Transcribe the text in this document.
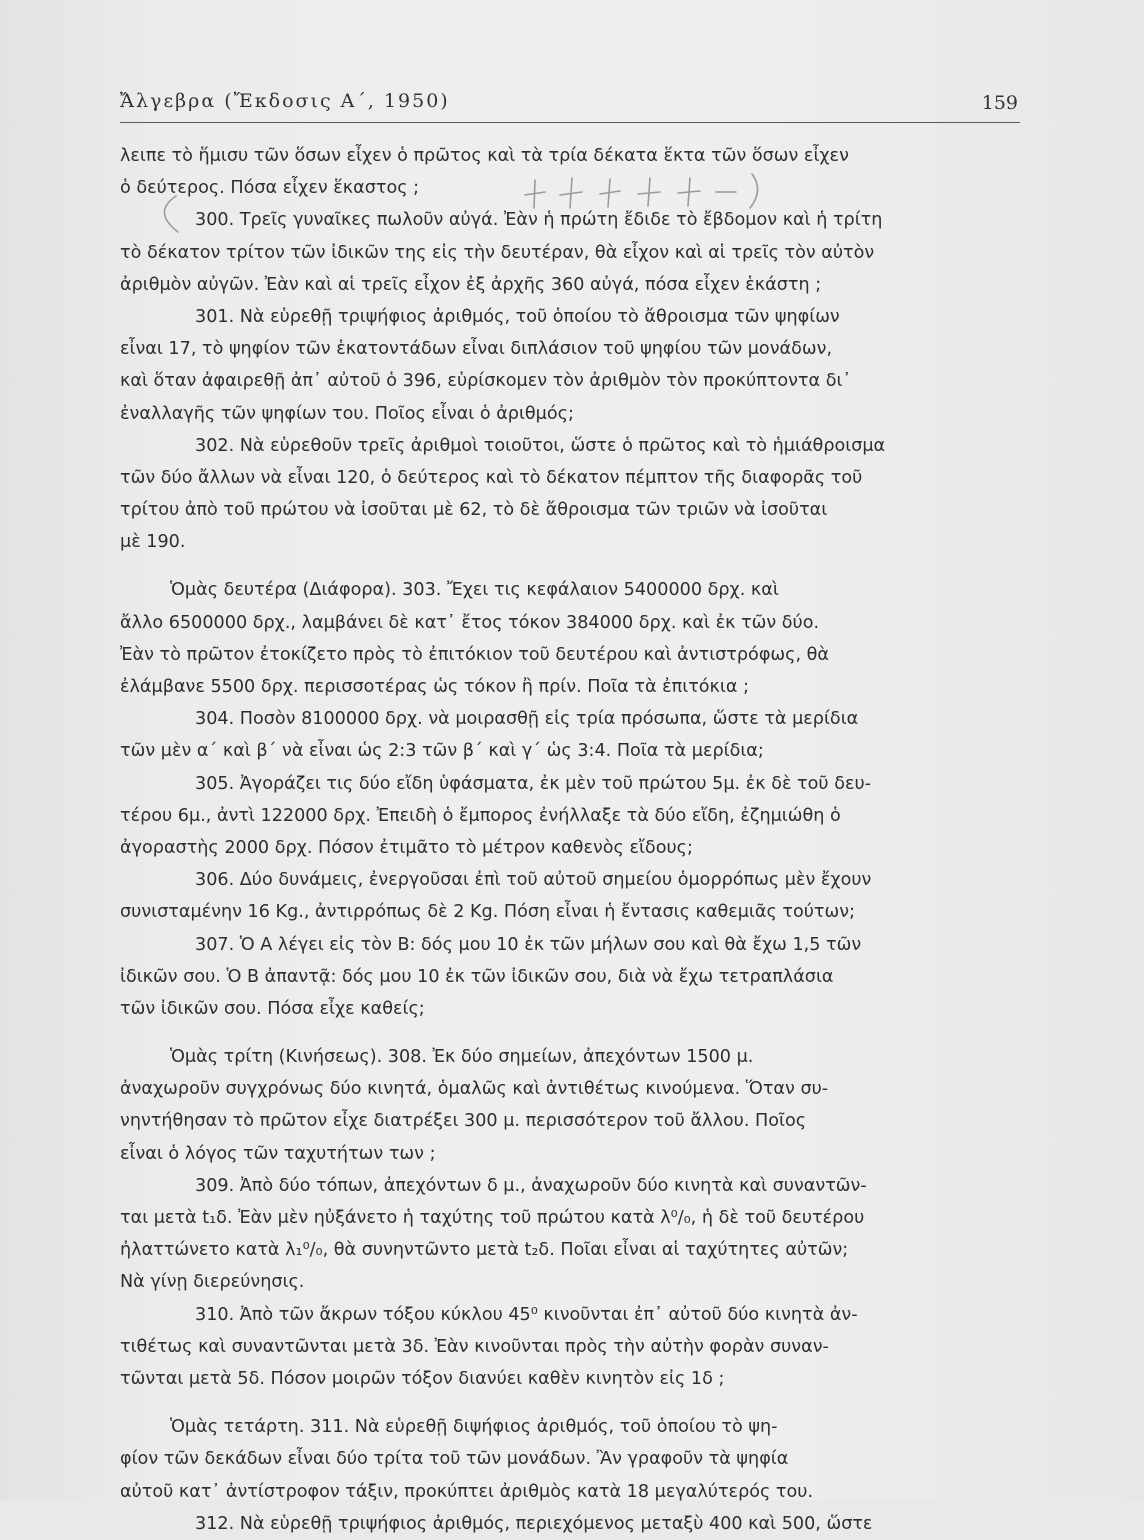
Ἄλγεβρα (Ἔκδοσις Α΄, 1950)	159
λειπε τὸ ἥμισυ τῶν ὅσων εἶχεν ὁ πρῶτος καὶ τὰ τρία δέκατα ἕκτα τῶν ὅσων εἶχεν
ὁ δεύτερος. Πόσα εἶχεν ἕκαστος ;
300. Τρεῖς γυναῖκες πωλοῦν αὐγά. Ἐὰν ἡ πρώτη ἔδιδε τὸ ἔβδομον καὶ ἡ τρίτη
τὸ δέκατον τρίτον τῶν ἰδικῶν της εἰς τὴν δευτέραν, θὰ εἶχον καὶ αἱ τρεῖς τὸν αὐτὸν
ἀριθμὸν αὐγῶν. Ἐὰν καὶ αἱ τρεῖς εἶχον ἐξ ἀρχῆς 360 αὐγά, πόσα εἶχεν ἑκάστη ;
301. Νὰ εὑρεθῇ τριψήφιος ἀριθμός, τοῦ ὁποίου τὸ ἄθροισμα τῶν ψηφίων
εἶναι 17, τὸ ψηφίον τῶν ἑκατοντάδων εἶναι διπλάσιον τοῦ ψηφίου τῶν μονάδων,
καὶ ὅταν ἀφαιρεθῇ ἀπ᾽ αὐτοῦ ὁ 396, εὑρίσκομεν τὸν ἀριθμὸν τὸν προκύπτοντα δι᾽
ἐναλλαγῆς τῶν ψηφίων του. Ποῖος εἶναι ὁ ἀριθμός;
302. Νὰ εὑρεθοῦν τρεῖς ἀριθμοὶ τοιοῦτοι, ὥστε ὁ πρῶτος καὶ τὸ ἡμιάθροισμα
τῶν δύο ἄλλων νὰ εἶναι 120, ὁ δεύτερος καὶ τὸ δέκατον πέμπτον τῆς διαφορᾶς τοῦ
τρίτου ἀπὸ τοῦ πρώτου νὰ ἰσοῦται μὲ 62, τὸ δὲ ἄθροισμα τῶν τριῶν νὰ ἰσοῦται
μὲ 190.
Ὁμὰς δευτέρα (Διάφορα). 303. Ἔχει τις κεφάλαιον 5400000 δρχ. καὶ
ἄλλο 6500000 δρχ., λαμβάνει δὲ κατ᾽ ἔτος τόκον 384000 δρχ. καὶ ἐκ τῶν δύο.
Ἐὰν τὸ πρῶτον ἐτοκίζετο πρὸς τὸ ἐπιτόκιον τοῦ δευτέρου καὶ ἀντιστρόφως, θὰ
ἐλάμβανε 5500 δρχ. περισσοτέρας ὡς τόκον ἢ πρίν. Ποῖα τὰ ἐπιτόκια ;
304. Ποσὸν 8100000 δρχ. νὰ μοιρασθῇ εἰς τρία πρόσωπα, ὥστε τὰ μερίδια
τῶν μὲν α΄ καὶ β΄ νὰ εἶναι ὡς 2:3 τῶν β΄ καὶ γ΄ ὡς 3:4. Ποῖα τὰ μερίδια;
305. Ἀγοράζει τις δύο εἴδη ὑφάσματα, ἐκ μὲν τοῦ πρώτου 5μ. ἐκ δὲ τοῦ δευ-
τέρου 6μ., ἀντὶ 122000 δρχ. Ἐπειδὴ ὁ ἔμπορος ἐνήλλαξε τὰ δύο εἴδη, ἐζημιώθη ὁ
ἀγοραστὴς 2000 δρχ. Πόσον ἐτιμᾶτο τὸ μέτρον καθενὸς εἴδους;
306. Δύο δυνάμεις, ἐνεργοῦσαι ἐπὶ τοῦ αὐτοῦ σημείου ὁμορρόπως μὲν ἔχουν
συνισταμένην 16 Kg., ἀντιρρόπως δὲ 2 Kg. Πόση εἶναι ἡ ἔντασις καθεμιᾶς τούτων;
307. Ὁ Α λέγει εἰς τὸν Β: δός μου 10 ἐκ τῶν μήλων σου καὶ θὰ ἔχω 1,5 τῶν
ἰδικῶν σου. Ὁ Β ἀπαντᾷ: δός μου 10 ἐκ τῶν ἰδικῶν σου, διὰ νὰ ἔχω τετραπλάσια
τῶν ἰδικῶν σου. Πόσα εἶχε καθείς;
Ὁμὰς τρίτη (Κινήσεως). 308. Ἐκ δύο σημείων, ἀπεχόντων 1500 μ.
ἀναχωροῦν συγχρόνως δύο κινητά, ὁμαλῶς καὶ ἀντιθέτως κινούμενα. Ὅταν συ-
νηντήθησαν τὸ πρῶτον εἶχε διατρέξει 300 μ. περισσότερον τοῦ ἄλλου. Ποῖος
εἶναι ὁ λόγος τῶν ταχυτήτων των ;
309. Ἀπὸ δύο τόπων, ἀπεχόντων δ μ., ἀναχωροῦν δύο κινητὰ καὶ συναντῶν-
ται μετὰ t₁δ. Ἐὰν μὲν ηὐξάνετο ἡ ταχύτης τοῦ πρώτου κατὰ λ⁰/₀, ἡ δὲ τοῦ δευτέρου
ἠλαττώνετο κατὰ λ₁⁰/₀, θὰ συνηντῶντο μετὰ t₂δ. Ποῖαι εἶναι αἱ ταχύτητες αὐτῶν;
Νὰ γίνῃ διερεύνησις.
310. Ἀπὸ τῶν ἄκρων τόξου κύκλου 45⁰ κινοῦνται ἐπ᾽ αὐτοῦ δύο κινητὰ ἀν-
τιθέτως καὶ συναντῶνται μετὰ 3δ. Ἐὰν κινοῦνται πρὸς τὴν αὐτὴν φορὰν συναν-
τῶνται μετὰ 5δ. Πόσον μοιρῶν τόξον διανύει καθὲν κινητὸν εἰς 1δ ;
Ὁμὰς τετάρτη. 311. Νὰ εὑρεθῇ διψήφιος ἀριθμός, τοῦ ὁποίου τὸ ψη-
φίον τῶν δεκάδων εἶναι δύο τρίτα τοῦ τῶν μονάδων. Ἂν γραφοῦν τὰ ψηφία
αὐτοῦ κατ᾽ ἀντίστροφον τάξιν, προκύπτει ἀριθμὸς κατὰ 18 μεγαλύτερός του.
312. Νὰ εὑρεθῇ τριψήφιος ἀριθμός, περιεχόμενος μεταξὺ 400 καὶ 500, ὥστε
